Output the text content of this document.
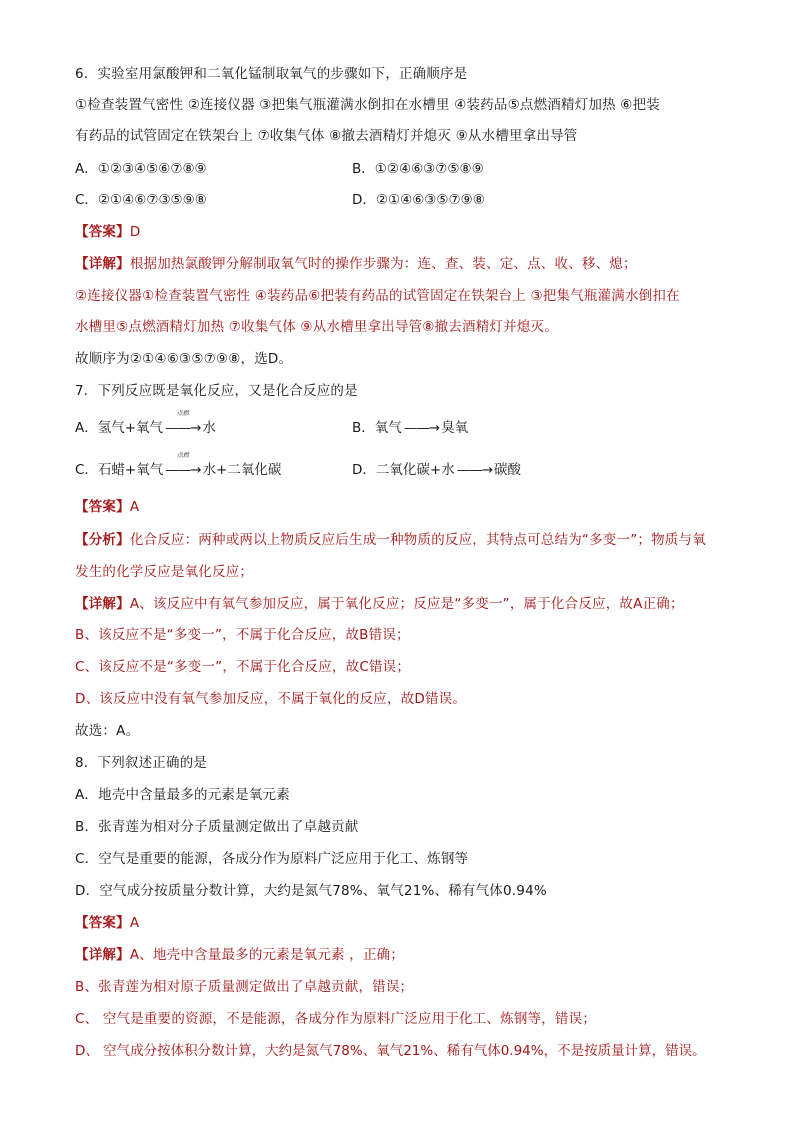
6．实验室用氯酸钾和二氧化锰制取氧气的步骤如下，正确顺序是
①检查装置气密性 ②连接仪器 ③把集气瓶灌满水倒扣在水槽里 ④装药品⑤点燃酒精灯加热 ⑥把装
有药品的试管固定在铁架台上 ⑦收集气体 ⑧撤去酒精灯并熄灭 ⑨从水槽里拿出导管
A．①②③④⑤⑥⑦⑧⑨	B．①②④⑥③⑦⑤⑧⑨
C．②①④⑥⑦③⑤⑨⑧	D．②①④⑥③⑤⑦⑨⑧
【答案】D
【详解】根据加热氯酸钾分解制取氧气时的操作步骤为：连、查、装、定、点、收、移、熄；
②连接仪器①检查装置气密性 ④装药品⑥把装有药品的试管固定在铁架台上 ③把集气瓶灌满水倒扣在
水槽里⑤点燃酒精灯加热 ⑦收集气体 ⑨从水槽里拿出导管⑧撤去酒精灯并熄灭。
故顺序为②①④⑥③⑤⑦⑨⑧，选D。
7．下列反应既是氧化反应，又是化合反应的是
A．氢气+氧气
点燃
——→ 水	B．氧气 ——→ 臭氧
C．石蜡+氧气
点燃
——→ 水+二氧化碳	D．二氧化碳+水 ——→ 碳酸
【答案】A
【分析】化合反应：两种或两以上物质反应后生成一种物质的反应，其特点可总结为“多变一”；物质与氧
发生的化学反应是氧化反应；
【详解】A、该反应中有氧气参加反应，属于氧化反应；反应是“多变一”，属于化合反应，故A正确；
B、该反应不是“多变一”，不属于化合反应，故B错误；
C、该反应不是“多变一”，不属于化合反应，故C错误；
D、该反应中没有氧气参加反应，不属于氧化的反应，故D错误。
故选：A。
8．下列叙述正确的是
A．地壳中含量最多的元素是氧元素
B．张青莲为相对分子质量测定做出了卓越贡献
C．空气是重要的能源，各成分作为原料广泛应用于化工、炼钢等
D．空气成分按质量分数计算，大约是氮气78%、氧气21%、稀有气体0.94%
【答案】A
【详解】A、地壳中含量最多的元素是氧元素 ，正确；
B、张青莲为相对原子质量测定做出了卓越贡献，错误；
C、 空气是重要的资源，不是能源，各成分作为原料广泛应用于化工、炼钢等，错误；
D、 空气成分按体积分数计算，大约是氮气78%、氧气21%、稀有气体0.94%，不是按质量计算，错误。
